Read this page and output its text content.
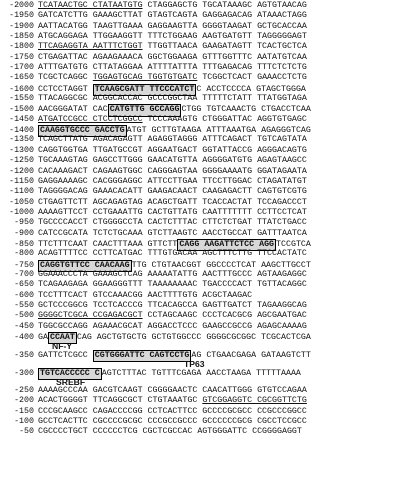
-2000 TCATAACTGC CTATAATGTG CTAGGAGCTG TGCATAAAGC AGTGTAACAG
-1950 GATCATCTTG GAAAGCTTAT GTAGTCAGTA GAGGAGACAG ATAAACTAGG
-1900 AATTACATGG TAAGTTGAAA GAGGAAGTTA GGGGTAAGAT GCTGCACCAA
-1850 ATGCAGGAGA TTGGAAGGTT TTTCTGGAAG AAGTGATGTT TAGGGGGAGT
-1800 TTCAGAGGTA AATTTCTGGT TTGGTTAACA GAAGATAGTT TCACTGCTCA
-1750 CTGAGATTAC AGAAGAAACA GGCTGGAAGA GTTTGGTTTC AATATGTCAA
-1700 ATTTGATGTG CTTATAGGAA ATTTTATTTA TTTGAGACAG TTTCTCTCTG
-1650 TCGCTCAGGC TGGAGTGCAG TGGTGTGATC TCGGCTCACT GAAACCTCTG
-1600 CCTCCTAGGT TCAAGCGATT TTCCCATCT C ACCTCCCCA GTAGCTGGGA
-1550 TTACAGGCGC ACGGCACCAC GCCCGGCTAA TTTTTCTATT TTATGGTAGA
-1500 AACGGGATAT CAC CATGTTG GCCAGG CTGG TGTCAAACTG CTGACCTCAA
-1450 ATGATCCGCC CTCCTCGGCC TCCCAAAGTG CTGGGATTAC AGGTGTGAGC
-1400 CAAGGTGCCC GACCTG ATGT GCTTGTAAGA ATTTAAATGA AGAGGGTCAG
-1350 TCAGCTTATG AGACAGAGTT AGAGGTAGGG ATTTCAGACT TGTCAGTATA
-1300 CAGGTGGTGA TTGATGCCGT AGGAATGACT GGTATTACCG AGGGACAGTG
-1250 TGCAAAGTAG GAGCCTTGGG GAACATGTTA AGGGGATGTG AGAGTAAGCC
-1200 CACAAAGACT CAGAAGTGGC CAGGGAGTAA GGGGAAAATG GGATAGAATA
-1150 GAGGAAAAGC CACGGGAGGC ATTCCTTGAA TTCCTTGGAC CTAGATATGT
-1100 TAGGGGACAG GAAACACATT GAAGACAACT CAAGAGACTT CAGTGTCGTG
-1050 CTGAGTTCTT AGCAGAGTAG ACAGCTGATT TCACCACTAT TCCAGACCCT
-1000 AAAAGTTCCT CCTGAAATTG CACTGTTATG CAATTTTTTT CCTTCCTCAT
-950 TGCCCCACCT CTGGGGCCTA CACTCTTTAC CTTCTCTGAT TTATCTGACC
-900 CATCCGCATA TCTCTGCAAA GTCTTAAGTC AACCTGCCAT GATTTAATCA
-850 TTCTTTCAAT CAACTTTAAA GTTCTT CAGG AAGATTCTCC AGG TCCGTCA
-800 ACAGTTTTCC CCTTCATGAC TTTGTGACAA AGCTTTCTTG TTCCACTATC
-750 CAGGTGTTCC CAACAAG TTG CTGTAACGGT GGCCCCTCAT AAGCTTGCCT
-700 GGAAACCCTA GAAAGCTCAG AAAAATATTG AACTTTGCCC AGTAAGAGGC
-650 TCAGAAGAGA GGAAGGGTTT TAAAAAAAAC TGACCCCACT TGTTACAGGC
-600 TCCTTTCACT GTCCAAACGG AACTTTTGTG ACGCTAAGAC
-550 GCTCCCGGCG TCCTCACCCG TTCACAGCCA GAGTTGATCT TAGAAGGCAG
-500 GGGGCTCGCA CCGAGACGCT CCTAGCAAGC CCCTCACGCG AGCGAATGAC
-450 TGGCGCCAGG AGAAACGCAT AGGACCTCCC GAAGCCGCCG AGAGCAAAAG
-400 GA CCAAT CAG AGCTGTGCTG GCTGTGGCCC GGGGCGCGGC TCGCACTCGA
NF-Y
-350 GATTCTCGCC CGTGGGATTC CAGTCCTG AG CTGAACGAGA GATAAGTCTT
TP63
-300 TGTCACCCCC C AGTCTTTAC TGTTTCGAGA AACCTAAGA TTTTTAAAA
SREBF
-250 AAAAGCCCAA GACGTCAAGT CGGGGAACTC CAACATTGGG GTGTCCAGAA
-200 ACACTGGGGT TTCAGGCGCT CTGTAAATGC GTCGGAGGTC CGCGGTTCTG
-150 CCCGCAAGCC CAGACCCCGG CCTCACTTCC GCCCCGCGCC CCGCCCGGCC
-100 GCCTCACTTC CGCCCCGCGC CCCGCCGCCC GCCCCCCGCG CGCCTCCGCC
-50 CGCCCCTGCT CCCCCCTCG CGCTCGCCAC AGTGGGATTC CCGGGGAGGT
